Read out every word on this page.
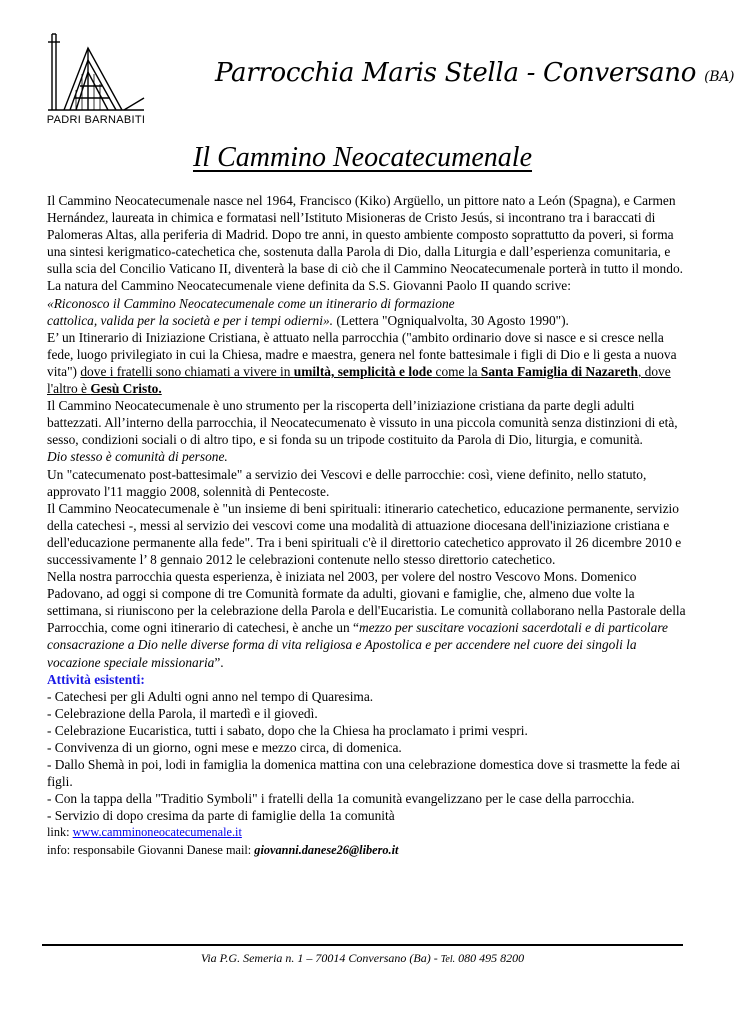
PADRI BARNABITI
Parrocchia Maris Stella - Conversano (BA)
Il Cammino Neocatecumenale

Il Cammino Neocatecumenale nasce nel 1964, Francisco (Kiko) Argüello, un pittore nato a León (Spagna), e Carmen Hernández, laureata in chimica e formatasi nell’Istituto Misioneras de Cristo Jesús, si incontrano tra i baraccati di Palomeras Altas, alla periferia di Madrid. Dopo tre anni, in questo ambiente composto soprattutto da poveri, si forma una sintesi kerigmatico-catechetica che, sostenuta dalla Parola di Dio, dalla Liturgia e dall’esperienza comunitaria, e sulla scia del Concilio Vaticano II, diventerà la base di ciò che il Cammino Neocatecumenale porterà in tutto il mondo.

La natura del Cammino Neocatecumenale viene definita da S.S. Giovanni Paolo II quando scrive:

«Riconosco il Cammino Neocatecumenale come un itinerario di formazione
cattolica, valida per la società e per i tempi odierni». (Lettera "Ogniqualvolta, 30 Agosto 1990").

E’ un Itinerario di Iniziazione Cristiana, è attuato nella parrocchia ("ambito ordinario dove si nasce e si cresce nella fede, luogo privilegiato in cui la Chiesa, madre e maestra, genera nel fonte battesimale i figli di Dio e li gesta a nuova vita") dove i fratelli sono chiamati a vivere in umiltà, semplicità e lode come la Santa Famiglia di Nazareth, dove l'altro è Gesù Cristo.

Il Cammino Neocatecumenale è uno strumento per la riscoperta dell’iniziazione cristiana da parte degli adulti battezzati. All’interno della parrocchia, il Neocatecumenato è vissuto in una piccola comunità senza distinzioni di età, sesso, condizioni sociali o di altro tipo, e si fonda su un tripode costituito da Parola di Dio, liturgia, e comunità.

Dio stesso è comunità di persone.

Un "catecumenato post-battesimale" a servizio dei Vescovi e delle parrocchie: così, viene definito, nello statuto, approvato l'11 maggio 2008, solennità di Pentecoste.

Il Cammino Neocatecumenale è "un insieme di beni spirituali: itinerario catechetico, educazione permanente, servizio della catechesi -, messi al servizio dei vescovi come una modalità di attuazione diocesana dell'iniziazione cristiana e dell'educazione permanente alla fede". Tra i beni spirituali c'è il direttorio catechetico approvato il 26 dicembre 2010 e successivamente l’ 8 gennaio 2012 le celebrazioni contenute nello stesso direttorio catechetico.

Nella nostra parrocchia questa esperienza, è iniziata nel 2003, per volere del nostro Vescovo Mons. Domenico Padovano, ad oggi si compone di tre Comunità formate da adulti, giovani e famiglie, che, almeno due volte la settimana, si riuniscono per la celebrazione della Parola e dell'Eucaristia. Le comunità collaborano nella Pastorale della Parrocchia, come ogni itinerario di catechesi, è anche un “mezzo per suscitare vocazioni sacerdotali e di particolare consacrazione a Dio nelle diverse forma di vita religiosa e Apostolica e per accendere nel cuore dei singoli la vocazione speciale missionaria”.

Attività esistenti:

- Catechesi per gli Adulti ogni anno nel tempo di Quaresima.

- Celebrazione della Parola, il martedì e il giovedì.

- Celebrazione Eucaristica, tutti i sabato, dopo che la Chiesa ha proclamato i primi vespri.

- Convivenza di un giorno, ogni mese e mezzo circa, di domenica.

- Dallo Shemà in poi, lodi in famiglia la domenica mattina con una celebrazione domestica dove si trasmette la fede ai figli.

- Con la tappa della "Traditio Symboli" i fratelli della 1a comunità evangelizzano per le case della parrocchia.

- Servizio di dopo cresima da parte di famiglie della 1a comunità

link: www.camminoneocatecumenale.it

info: responsabile Giovanni Danese mail: giovanni.danese26@libero.it

Via P.G. Semeria n. 1 – 70014 Conversano (Ba) - Tel. 080 495 8200
